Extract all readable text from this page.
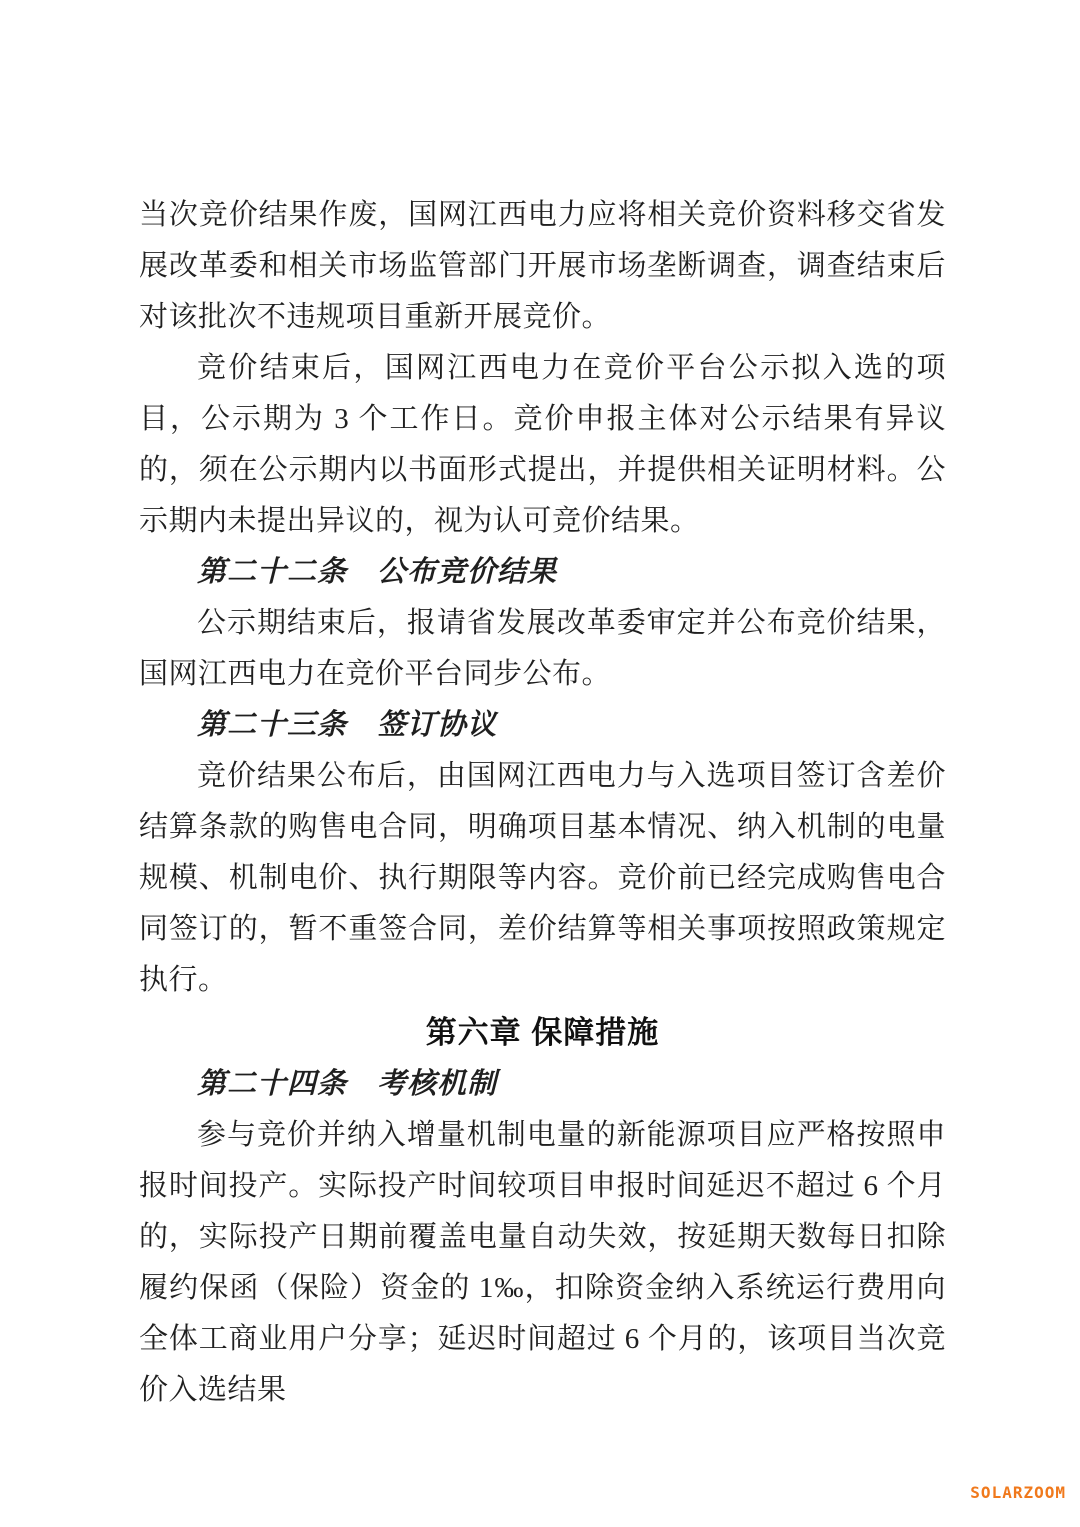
当次竞价结果作废，国网江西电力应将相关竞价资料移交省发展改革委和相关市场监管部门开展市场垄断调查，调查结束后对该批次不违规项目重新开展竞价。

竞价结束后，国网江西电力在竞价平台公示拟入选的项目，公示期为 3 个工作日。竞价申报主体对公示结果有异议的，须在公示期内以书面形式提出，并提供相关证明材料。公示期内未提出异议的，视为认可竞价结果。

第二十二条　公布竞价结果

公示期结束后，报请省发展改革委审定并公布竞价结果，国网江西电力在竞价平台同步公布。

第二十三条　签订协议

竞价结果公布后，由国网江西电力与入选项目签订含差价结算条款的购售电合同，明确项目基本情况、纳入机制的电量规模、机制电价、执行期限等内容。竞价前已经完成购售电合同签订的，暂不重签合同，差价结算等相关事项按照政策规定执行。

第六章 保障措施

第二十四条　考核机制

参与竞价并纳入增量机制电量的新能源项目应严格按照申报时间投产。实际投产时间较项目申报时间延迟不超过 6 个月的，实际投产日期前覆盖电量自动失效，按延期天数每日扣除履约保函（保险）资金的 1‰，扣除资金纳入系统运行费用向全体工商业用户分享；延迟时间超过 6 个月的，该项目当次竞价入选结果

SOLARZOOM
